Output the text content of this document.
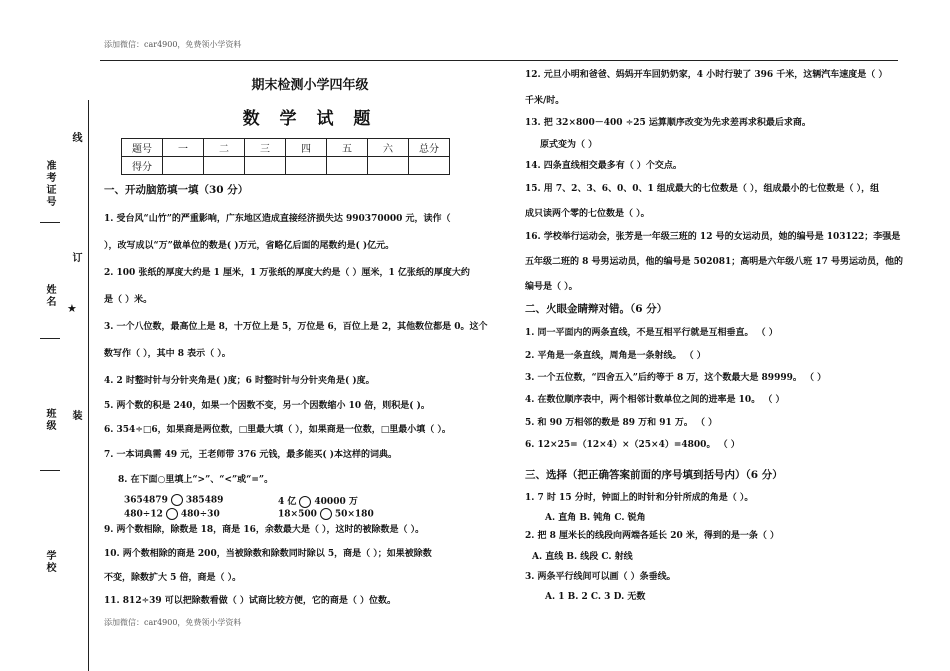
添加微信：car4900，免费领小学资料
添加微信：car4900，免费领小学资料
准考证号
线
姓名
订
★
班级 装
学校
期末检测小学四年级
数 学 试 题
题号	一	二	三	四	五	六	总分
得分							
一、开动脑筋填一填（30 分）
1. 受台风“山竹”的严重影响，广东地区造成直接经济损失达 990370000 元，读作（
），改写成以“万”做单位的数是( )万元，省略亿后面的尾数约是( )亿元。
2. 100 张纸的厚度大约是 1 厘米，1 万张纸的厚度大约是（ ）厘米，1 亿张纸的厚度大约
是（ ）米。
3. 一个八位数，最高位上是 8，十万位上是 5，万位是 6，百位上是 2，其他数位都是 0。这个
数写作（ ），其中 8 表示（ ）。
4. 2 时整时针与分针夹角是( )度；6 时整时针与分针夹角是( )度。
5. 两个数的积是 240，如果一个因数不变，另一个因数缩小 10 倍，则积是( )。
6. 354÷□6，如果商是两位数，□里最大填（ ），如果商是一位数，□里最小填（ ）。
7. 一本词典需 49 元，王老师带 376 元钱，最多能买( )本这样的词典。
8. 在下面○里填上“>”、“<”或“=”。
3654879 385489	4 亿 40000 万
480÷12 480÷30	18×500 50×180
9. 两个数相除，除数是 18，商是 16，余数最大是（ ），这时的被除数是（ ）。
10. 两个数相除的商是 200，当被除数和除数同时除以 5，商是（ ）；如果被除数
不变，除数扩大 5 倍，商是（ ）。
11. 812÷39 可以把除数看做（ ）试商比较方便，它的商是（ ）位数。
12. 元旦小明和爸爸、妈妈开车回奶奶家，4 小时行驶了 396 千米，这辆汽车速度是（ ）
千米/时。
13. 把 32×800－400 ÷25 运算顺序改变为先求差再求积最后求商。
原式变为（ ）
14. 四条直线相交最多有（ ）个交点。
15. 用 7、2、3、6、0、0、1 组成最大的七位数是（ ），组成最小的七位数是（ ），组
成只读两个零的七位数是（ ）。
16. 学校举行运动会，张芳是一年级三班的 12 号的女运动员，她的编号是 103122；李强是
五年级二班的 8 号男运动员，他的编号是 502081；高明是六年级八班 17 号男运动员，他的
编号是（ ）。
二、火眼金睛辩对错。（6 分）
1. 同一平面内的两条直线，不是互相平行就是互相垂直。 （ ）
2. 平角是一条直线，周角是一条射线。 （ ）
3. 一个五位数，“四舍五入”后约等于 8 万，这个数最大是 89999。 （ ）
4. 在数位顺序表中，两个相邻计数单位之间的进率是 10。 （ ）
5. 和 90 万相邻的数是 89 万和 91 万。 （ ）
6. 12×25=（12×4）×（25×4）=4800。 （ ）
三、选择（把正确答案前面的序号填到括号内）（6 分）
1. 7 时 15 分时，钟面上的时针和分针所成的角是（ ）。
A. 直角 B. 钝角 C. 锐角
2. 把 8 厘米长的线段向两端各延长 20 米，得到的是一条（ ）
A. 直线 B. 线段 C. 射线
3. 两条平行线间可以画（ ）条垂线。
A. 1 B. 2 C. 3 D. 无数
